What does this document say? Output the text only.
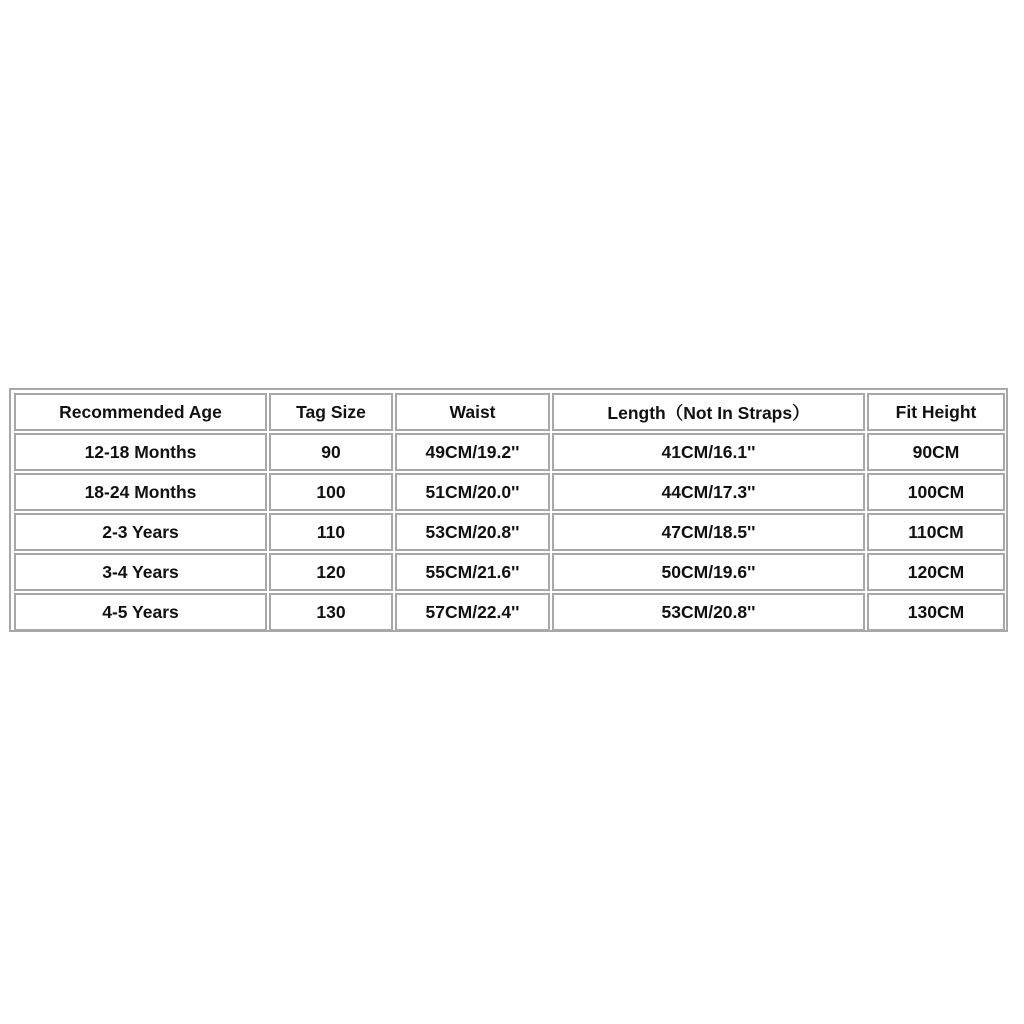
Recommended Age	Tag Size	Waist	Length（Not In Straps）	Fit Height
12-18 Months	90	49CM/19.2''	41CM/16.1''	90CM
18-24 Months	100	51CM/20.0''	44CM/17.3''	100CM
2-3 Years	110	53CM/20.8''	47CM/18.5''	110CM
3-4 Years	120	55CM/21.6''	50CM/19.6''	120CM
4-5 Years	130	57CM/22.4''	53CM/20.8''	130CM
